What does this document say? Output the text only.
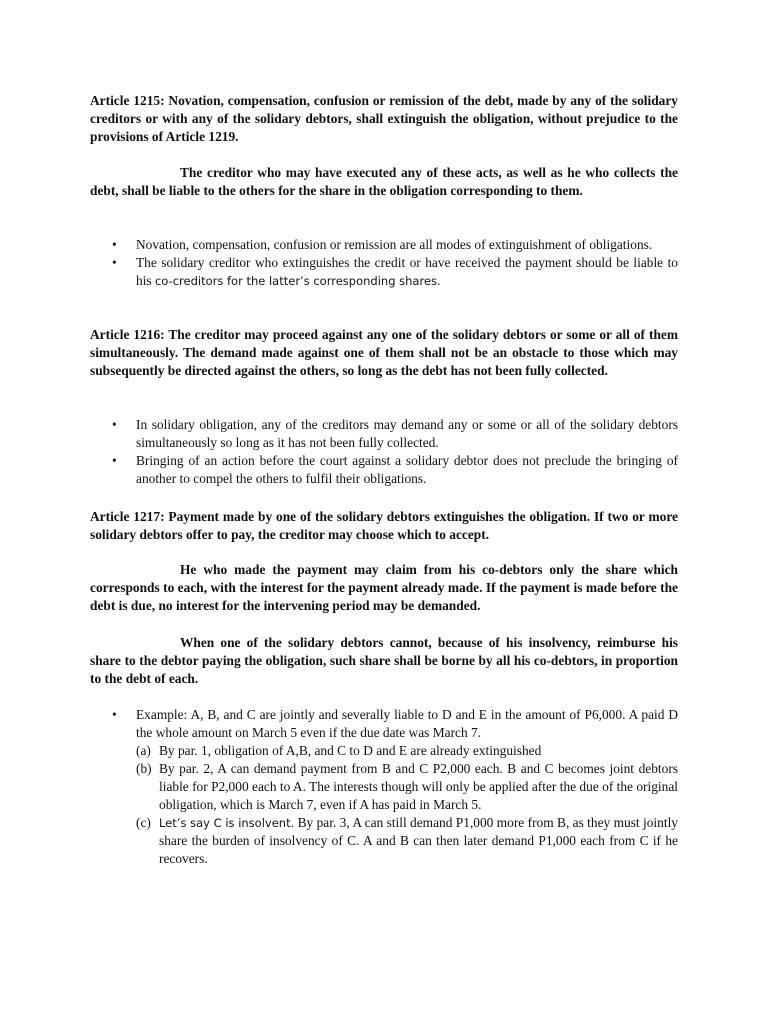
Article 1215: Novation, compensation, confusion or remission of the debt, made by any of the solidary creditors or with any of the solidary debtors, shall extinguish the obligation, without prejudice to the provisions of Article 1219.

The creditor who may have executed any of these acts, as well as he who collects the debt, shall be liable to the others for the share in the obligation corresponding to them.

• Novation, compensation, confusion or remission are all modes of extinguishment of obligations.
• The solidary creditor who extinguishes the credit or have received the payment should be liable to his co-creditors for the latter’s corresponding shares.

Article 1216: The creditor may proceed against any one of the solidary debtors or some or all of them simultaneously. The demand made against one of them shall not be an obstacle to those which may subsequently be directed against the others, so long as the debt has not been fully collected.

• In solidary obligation, any of the creditors may demand any or some or all of the solidary debtors simultaneously so long as it has not been fully collected.
• Bringing of an action before the court against a solidary debtor does not preclude the bringing of another to compel the others to fulfil their obligations.

Article 1217: Payment made by one of the solidary debtors extinguishes the obligation. If two or more solidary debtors offer to pay, the creditor may choose which to accept.

He who made the payment may claim from his co-debtors only the share which corresponds to each, with the interest for the payment already made. If the payment is made before the debt is due, no interest for the intervening period may be demanded.

When one of the solidary debtors cannot, because of his insolvency, reimburse his share to the debtor paying the obligation, such share shall be borne by all his co-debtors, in proportion to the debt of each.

• Example: A, B, and C are jointly and severally liable to D and E in the amount of P6,000. A paid D the whole amount on March 5 even if the due date was March 7.
(a) By par. 1, obligation of A,B, and C to D and E are already extinguished
(b) By par. 2, A can demand payment from B and C P2,000 each. B and C becomes joint debtors liable for P2,000 each to A. The interests though will only be applied after the due of the original obligation, which is March 7, even if A has paid in March 5.
(c) Let’s say C is insolvent. By par. 3, A can still demand P1,000 more from B, as they must jointly share the burden of insolvency of C. A and B can then later demand P1,000 each from C if he recovers.
